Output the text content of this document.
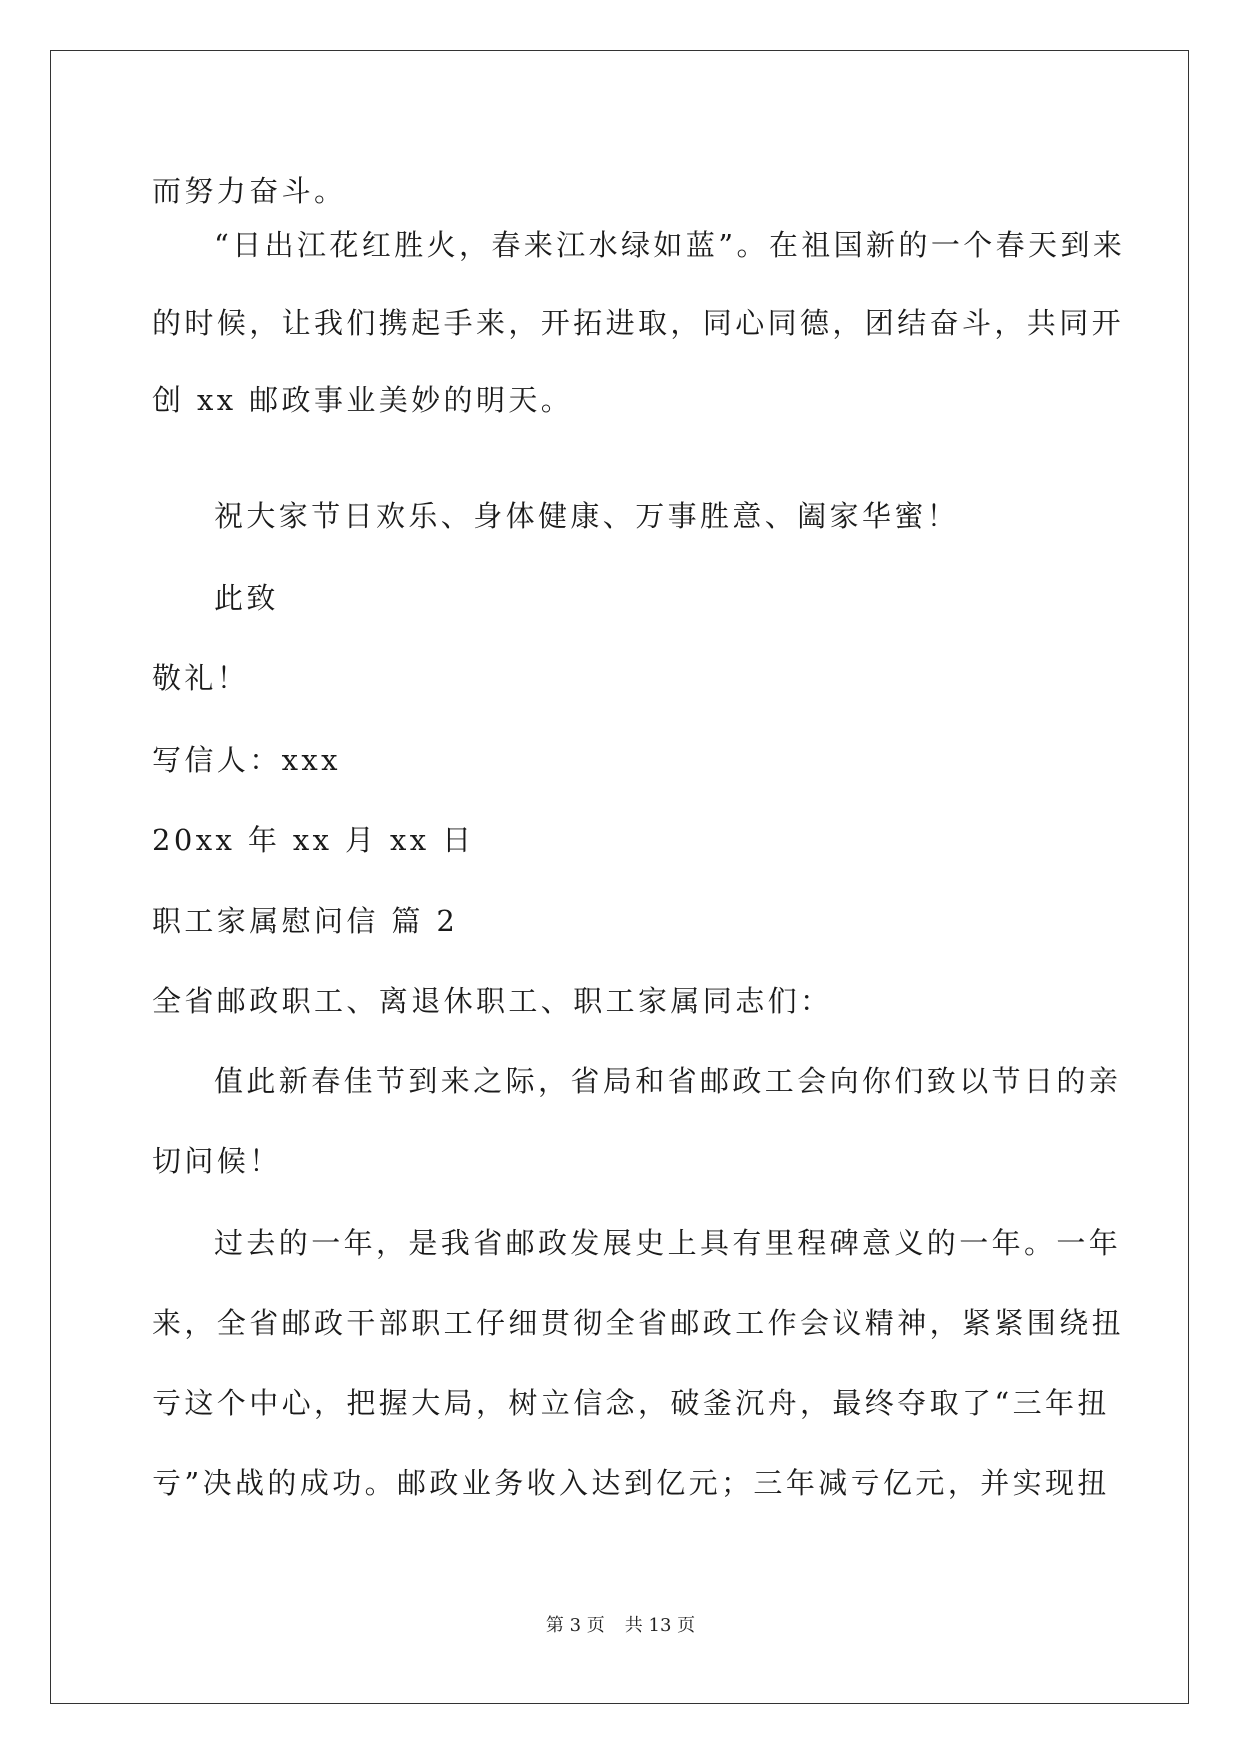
而努力奋斗。
“日出江花红胜火，春来江水绿如蓝”。在祖国新的一个春天到来
的时候，让我们携起手来，开拓进取，同心同德，团结奋斗，共同开
创 xx 邮政事业美妙的明天。
祝大家节日欢乐、身体健康、万事胜意、阖家华蜜！
此致
敬礼！
写信人：xxx
20xx 年 xx 月 xx 日
职工家属慰问信 篇 2
全省邮政职工、离退休职工、职工家属同志们：
值此新春佳节到来之际，省局和省邮政工会向你们致以节日的亲
切问候！
过去的一年，是我省邮政发展史上具有里程碑意义的一年。一年
来，全省邮政干部职工仔细贯彻全省邮政工作会议精神，紧紧围绕扭
亏这个中心，把握大局，树立信念，破釜沉舟，最终夺取了“三年扭
亏”决战的成功。邮政业务收入达到亿元；三年减亏亿元，并实现扭
第 3 页 共 13 页
